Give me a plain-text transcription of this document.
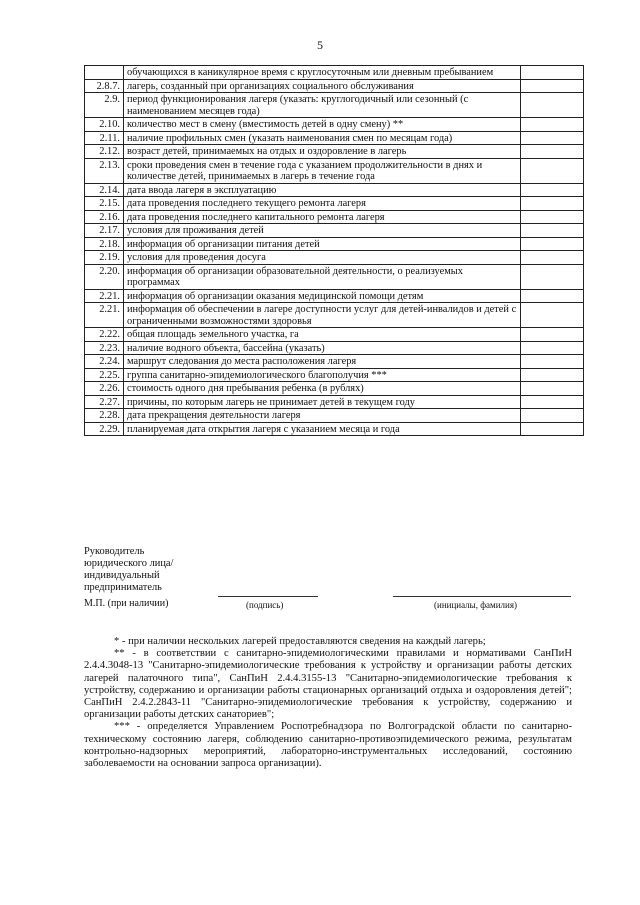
5
	обучающихся в каникулярное время с круглосуточным или дневным пребыванием	
2.8.7.	лагерь, созданный при организациях социального обслуживания	
2.9.	период функционирования лагеря (указать: круглогодичный или сезонный (с наименованием месяцев года)	
2.10.	количество мест в смену (вместимость детей в одну смену) **	
2.11.	наличие профильных смен (указать наименования смен по месяцам года)	
2.12.	возраст детей, принимаемых на отдых и оздоровление в лагерь	
2.13.	сроки проведения смен в течение года с указанием продолжительности в днях и количестве детей, принимаемых в лагерь в течение года	
2.14.	дата ввода лагеря в эксплуатацию	
2.15.	дата проведения последнего текущего ремонта лагеря	
2.16.	дата проведения последнего капитального ремонта лагеря	
2.17.	условия для проживания детей	
2.18.	информация об организации питания детей	
2.19.	условия для проведения досуга	
2.20.	информация об организации образовательной деятельности, о реализуемых программах	
2.21.	информация об организации оказания медицинской помощи детям	
2.21.	информация об обеспечении в лагере доступности услуг для детей-инвалидов и детей с ограниченными возможностями здоровья	
2.22.	общая площадь земельного участка, га	
2.23.	наличие водного объекта, бассейна (указать)	
2.24.	маршрут следования до места расположения лагеря	
2.25.	группа санитарно-эпидемиологического благополучия ***	
2.26.	стоимость одного дня пребывания ребенка (в рублях)	
2.27.	причины, по которым лагерь не принимает детей в текущем году	
2.28.	дата прекращения деятельности лагеря	
2.29.	планируемая дата открытия лагеря с указанием месяца и года	
Руководитель
юридического лица/
индивидуальный
предприниматель
М.П. (при наличии)	(подпись)	(инициалы, фамилия)

* - при наличии нескольких лагерей предоставляются сведения на каждый лагерь;

** - в соответствии с санитарно-эпидемиологическими правилами и нормативами СанПиН 2.4.4.3048-13 "Санитарно-эпидемиологические требования к устройству и организации работы детских лагерей палаточного типа", СанПиН 2.4.4.3155-13 "Санитарно-эпидемиологические требования к устройству, содержанию и организации работы стационарных организаций отдыха и оздоровления детей"; СанПиН 2.4.2.2843-11 "Санитарно-эпидемиологические требования к устройству, содержанию и организации работы детских санаториев";

*** - определяется Управлением Роспотребнадзора по Волгоградской области по санитарно-техническому состоянию лагеря, соблюдению санитарно-противоэпидемического режима, результатам контрольно-надзорных мероприятий, лабораторно-инструментальных исследований, состоянию заболеваемости на основании запроса организации).
